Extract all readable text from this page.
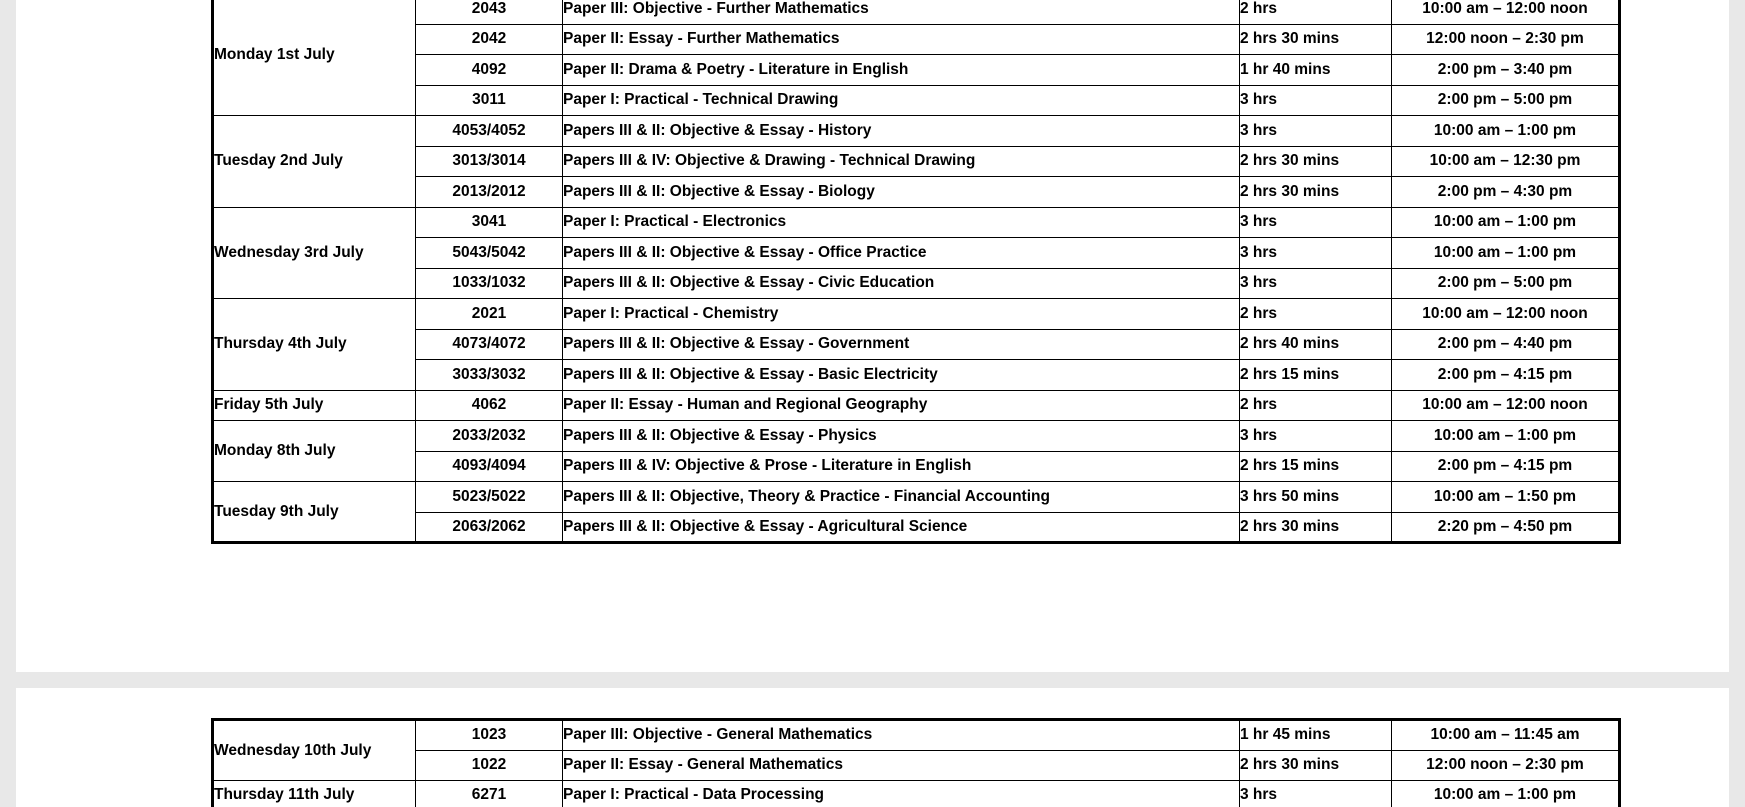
Monday 1st July	2043	Paper III: Objective - Further Mathematics	2 hrs	10:00 am – 12:00 noon
	2042	Paper II: Essay - Further Mathematics	2 hrs 30 mins	12:00 noon – 2:30 pm
	4092	Paper II: Drama & Poetry - Literature in English	1 hr 40 mins	2:00 pm – 3:40 pm
	3011	Paper I: Practical - Technical Drawing	3 hrs	2:00 pm – 5:00 pm
Tuesday 2nd July	4053/4052	Papers III & II: Objective & Essay - History	3 hrs	10:00 am – 1:00 pm
	3013/3014	Papers III & IV: Objective & Drawing - Technical Drawing	2 hrs 30 mins	10:00 am – 12:30 pm
	2013/2012	Papers III & II: Objective & Essay - Biology	2 hrs 30 mins	2:00 pm – 4:30 pm
Wednesday 3rd July	3041	Paper I: Practical - Electronics	3 hrs	10:00 am – 1:00 pm
	5043/5042	Papers III & II: Objective & Essay - Office Practice	3 hrs	10:00 am – 1:00 pm
	1033/1032	Papers III & II: Objective & Essay - Civic Education	3 hrs	2:00 pm – 5:00 pm
Thursday 4th July	2021	Paper I: Practical - Chemistry	2 hrs	10:00 am – 12:00 noon
	4073/4072	Papers III & II: Objective & Essay - Government	2 hrs 40 mins	2:00 pm – 4:40 pm
	3033/3032	Papers III & II: Objective & Essay - Basic Electricity	2 hrs 15 mins	2:00 pm – 4:15 pm
Friday 5th July	4062	Paper II: Essay - Human and Regional Geography	2 hrs	10:00 am – 12:00 noon
Monday 8th July	2033/2032	Papers III & II: Objective & Essay - Physics	3 hrs	10:00 am – 1:00 pm
	4093/4094	Papers III & IV: Objective & Prose - Literature in English	2 hrs 15 mins	2:00 pm – 4:15 pm
Tuesday 9th July	5023/5022	Papers III & II: Objective, Theory & Practice - Financial Accounting	3 hrs 50 mins	10:00 am – 1:50 pm
	2063/2062	Papers III & II: Objective & Essay - Agricultural Science	2 hrs 30 mins	2:20 pm – 4:50 pm
Wednesday 10th July	1023	Paper III: Objective - General Mathematics	1 hr 45 mins	10:00 am – 11:45 am
	1022	Paper II: Essay - General Mathematics	2 hrs 30 mins	12:00 noon – 2:30 pm
Thursday 11th July	6271	Paper I: Practical - Data Processing	3 hrs	10:00 am – 1:00 pm
